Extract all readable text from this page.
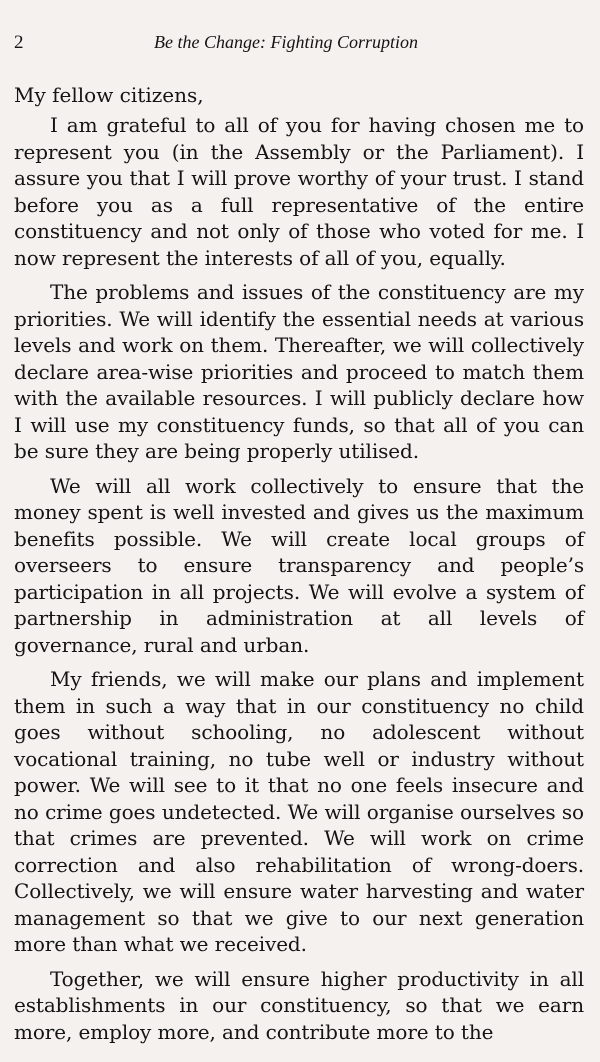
2	Be the Change: Fighting Corruption

My fellow citizens,

I am grateful to all of you for having chosen me to represent you (in the Assembly or the Parliament). I assure you that I will prove worthy of your trust. I stand before you as a full representative of the entire constituency and not only of those who voted for me. I now represent the interests of all of you, equally.

The problems and issues of the constituency are my priorities. We will identify the essential needs at various levels and work on them. Thereafter, we will collectively declare area-wise priorities and proceed to match them with the available resources. I will publicly declare how I will use my constituency funds, so that all of you can be sure they are being properly utilised.

We will all work collectively to ensure that the money spent is well invested and gives us the maximum benefits possible. We will create local groups of overseers to ensure transparency and people’s participation in all projects. We will evolve a system of partnership in administration at all levels of governance, rural and urban.

My friends, we will make our plans and implement them in such a way that in our constituency no child goes without schooling, no adolescent without vocational training, no tube well or industry without power. We will see to it that no one feels insecure and no crime goes undetected. We will organise ourselves so that crimes are prevented. We will work on crime correction and also rehabilitation of wrong-doers. Collectively, we will ensure water harvesting and water management so that we give to our next generation more than what we received.

Together, we will ensure higher productivity in all establishments in our constituency, so that we earn more, employ more, and contribute more to the
